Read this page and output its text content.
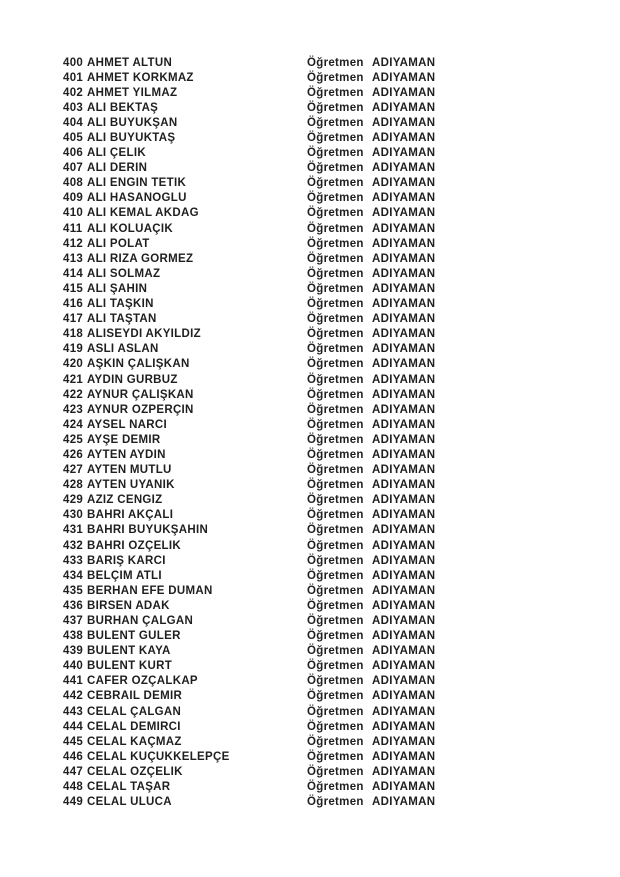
400 AHMET ALTUN	Öğretmen ADIYAMAN
401 AHMET KORKMAZ	Öğretmen ADIYAMAN
402 AHMET YILMAZ	Öğretmen ADIYAMAN
403 ALİ BEKTAŞ	Öğretmen ADIYAMAN
404 ALİ BÜYÜKŞAN	Öğretmen ADIYAMAN
405 ALİ BÜYÜKTAŞ	Öğretmen ADIYAMAN
406 ALİ ÇELİK	Öğretmen ADIYAMAN
407 ALİ DERİN	Öğretmen ADIYAMAN
408 ALİ ENGİN TETİK	Öğretmen ADIYAMAN
409 ALİ HASANOĞLU	Öğretmen ADIYAMAN
410 ALİ KEMAL AKDAĞ	Öğretmen ADIYAMAN
411 ALİ KOLUAÇIK	Öğretmen ADIYAMAN
412 ALİ POLAT	Öğretmen ADIYAMAN
413 ALİ RIZA GÖRMEZ	Öğretmen ADIYAMAN
414 ALİ SOLMAZ	Öğretmen ADIYAMAN
415 ALİ ŞAHİN	Öğretmen ADIYAMAN
416 ALİ TAŞKIN	Öğretmen ADIYAMAN
417 ALİ TAŞTAN	Öğretmen ADIYAMAN
418 ALİSEYDİ AKYILDIZ	Öğretmen ADIYAMAN
419 ASLI ASLAN	Öğretmen ADIYAMAN
420 AŞKIN ÇALIŞKAN	Öğretmen ADIYAMAN
421 AYDIN GÜRBÜZ	Öğretmen ADIYAMAN
422 AYNUR ÇALIŞKAN	Öğretmen ADIYAMAN
423 AYNUR ÖZPERÇİN	Öğretmen ADIYAMAN
424 AYSEL NARCİ	Öğretmen ADIYAMAN
425 AYŞE DEMİR	Öğretmen ADIYAMAN
426 AYTEN AYDIN	Öğretmen ADIYAMAN
427 AYTEN MUTLU	Öğretmen ADIYAMAN
428 AYTEN UYANIK	Öğretmen ADIYAMAN
429 AZİZ CENGİZ	Öğretmen ADIYAMAN
430 BAHRİ AKÇALI	Öğretmen ADIYAMAN
431 BAHRİ BÜYÜKŞAHİN	Öğretmen ADIYAMAN
432 BAHRİ ÖZÇELİK	Öğretmen ADIYAMAN
433 BARIŞ KARCİ	Öğretmen ADIYAMAN
434 BELÇİM ATLI	Öğretmen ADIYAMAN
435 BERHAN EFE DUMAN	Öğretmen ADIYAMAN
436 BİRSEN ADAK	Öğretmen ADIYAMAN
437 BURHAN ÇALĞAN	Öğretmen ADIYAMAN
438 BÜLENT GÜLER	Öğretmen ADIYAMAN
439 BÜLENT KAYA	Öğretmen ADIYAMAN
440 BÜLENT KURT	Öğretmen ADIYAMAN
441 CAFER ÖZÇALKAP	Öğretmen ADIYAMAN
442 CEBRAİL DEMİR	Öğretmen ADIYAMAN
443 CELAL ÇALĞAN	Öğretmen ADIYAMAN
444 CELAL DEMİRCİ	Öğretmen ADIYAMAN
445 CELAL KAÇMAZ	Öğretmen ADIYAMAN
446 CELAL KÜÇÜKKELEPÇE	Öğretmen ADIYAMAN
447 CELAL ÖZÇELİK	Öğretmen ADIYAMAN
448 CELAL TAŞAR	Öğretmen ADIYAMAN
449 CELAL ULUCA	Öğretmen ADIYAMAN
